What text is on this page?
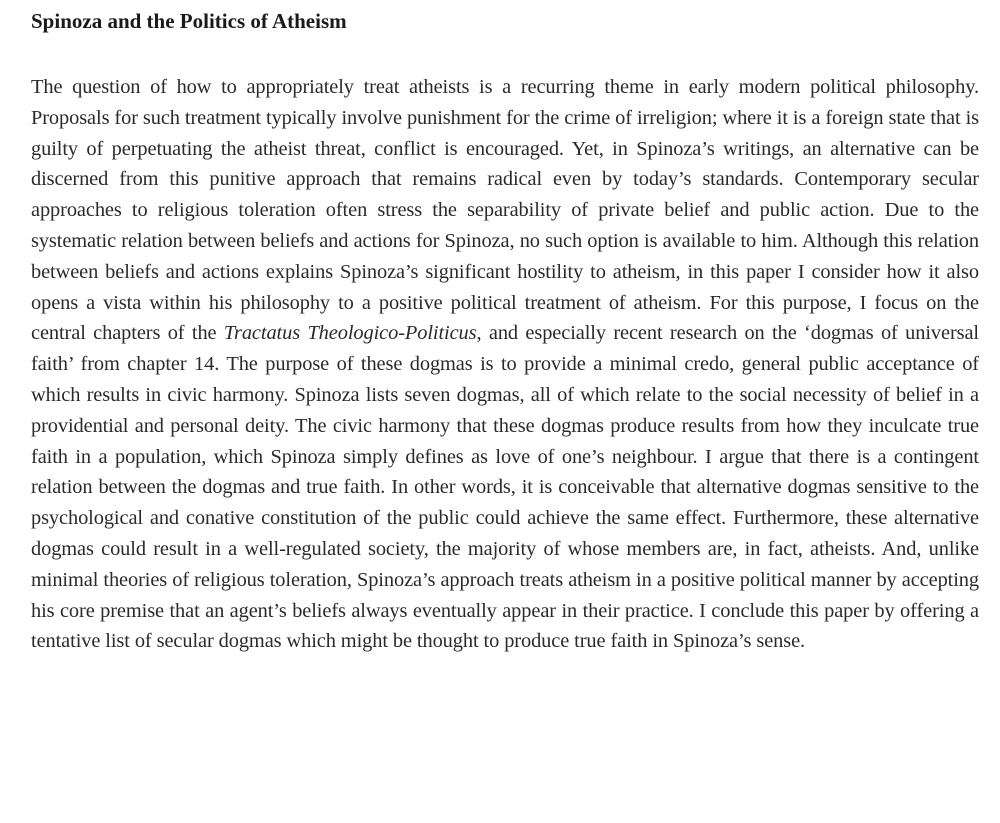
Spinoza and the Politics of Atheism

The question of how to appropriately treat atheists is a recurring theme in early modern political philosophy. Proposals for such treatment typically involve punishment for the crime of irreligion; where it is a foreign state that is guilty of perpetuating the atheist threat, conflict is encouraged. Yet, in Spinoza’s writings, an alternative can be discerned from this punitive approach that remains radical even by today’s standards. Contemporary secular approaches to religious toleration often stress the separability of private belief and public action. Due to the systematic relation between beliefs and actions for Spinoza, no such option is available to him. Although this relation between beliefs and actions explains Spinoza’s significant hostility to atheism, in this paper I consider how it also opens a vista within his philosophy to a positive political treatment of atheism. For this purpose, I focus on the central chapters of the Tractatus Theologico-Politicus, and especially recent research on the ‘dogmas of universal faith’ from chapter 14. The purpose of these dogmas is to provide a minimal credo, general public acceptance of which results in civic harmony. Spinoza lists seven dogmas, all of which relate to the social necessity of belief in a providential and personal deity. The civic harmony that these dogmas produce results from how they inculcate true faith in a population, which Spinoza simply defines as love of one’s neighbour. I argue that there is a contingent relation between the dogmas and true faith. In other words, it is conceivable that alternative dogmas sensitive to the psychological and conative constitution of the public could achieve the same effect. Furthermore, these alternative dogmas could result in a well-regulated society, the majority of whose members are, in fact, atheists. And, unlike minimal theories of religious toleration, Spinoza’s approach treats atheism in a positive political manner by accepting his core premise that an agent’s beliefs always eventually appear in their practice. I conclude this paper by offering a tentative list of secular dogmas which might be thought to produce true faith in Spinoza’s sense.
